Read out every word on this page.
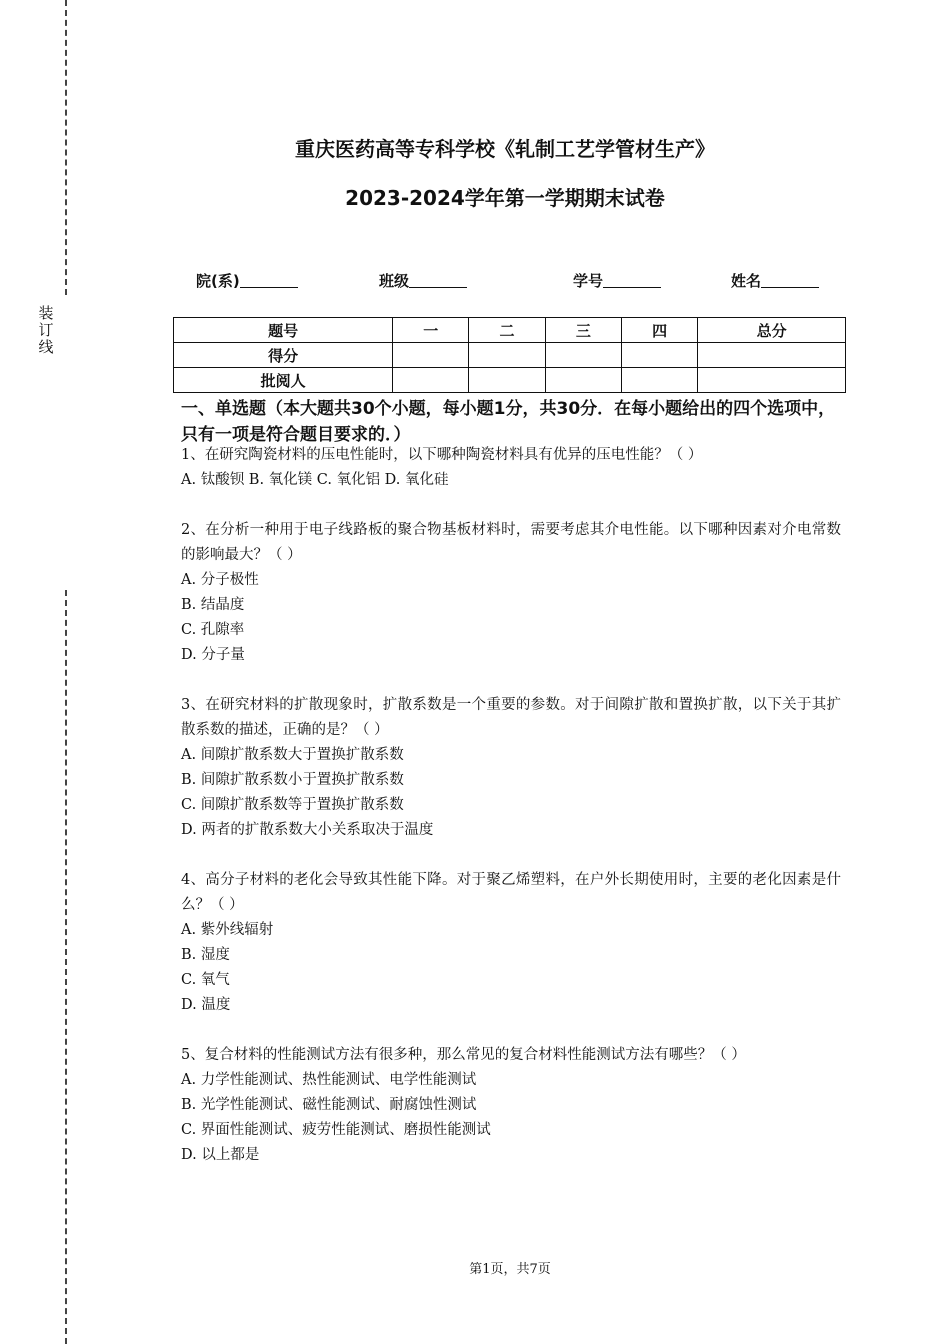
装订线
重庆医药高等专科学校《轧制工艺学管材生产》
2023-2024学年第一学期期末试卷
院(系)	班级	学号	姓名
题号	一	二	三	四	总分
得分					
批阅人					
一、单选题（本大题共30个小题，每小题1分，共30分．在每小题给出的四个选项中，只有一项是符合题目要求的．）
1、在研究陶瓷材料的压电性能时，以下哪种陶瓷材料具有优异的压电性能？（ ）
A. 钛酸钡 B. 氧化镁 C. 氧化铝 D. 氧化硅
2、在分析一种用于电子线路板的聚合物基板材料时，需要考虑其介电性能。以下哪种因素对介电常数的影响最大？（ ）
A. 分子极性
B. 结晶度
C. 孔隙率
D. 分子量
3、在研究材料的扩散现象时，扩散系数是一个重要的参数。对于间隙扩散和置换扩散，以下关于其扩散系数的描述，正确的是？（ ）
A. 间隙扩散系数大于置换扩散系数
B. 间隙扩散系数小于置换扩散系数
C. 间隙扩散系数等于置换扩散系数
D. 两者的扩散系数大小关系取决于温度
4、高分子材料的老化会导致其性能下降。对于聚乙烯塑料，在户外长期使用时，主要的老化因素是什么？（ ）
A. 紫外线辐射
B. 湿度
C. 氧气
D. 温度
5、复合材料的性能测试方法有很多种，那么常见的复合材料性能测试方法有哪些？（ ）
A. 力学性能测试、热性能测试、电学性能测试
B. 光学性能测试、磁性能测试、耐腐蚀性测试
C. 界面性能测试、疲劳性能测试、磨损性能测试
D. 以上都是
第1页，共7页
